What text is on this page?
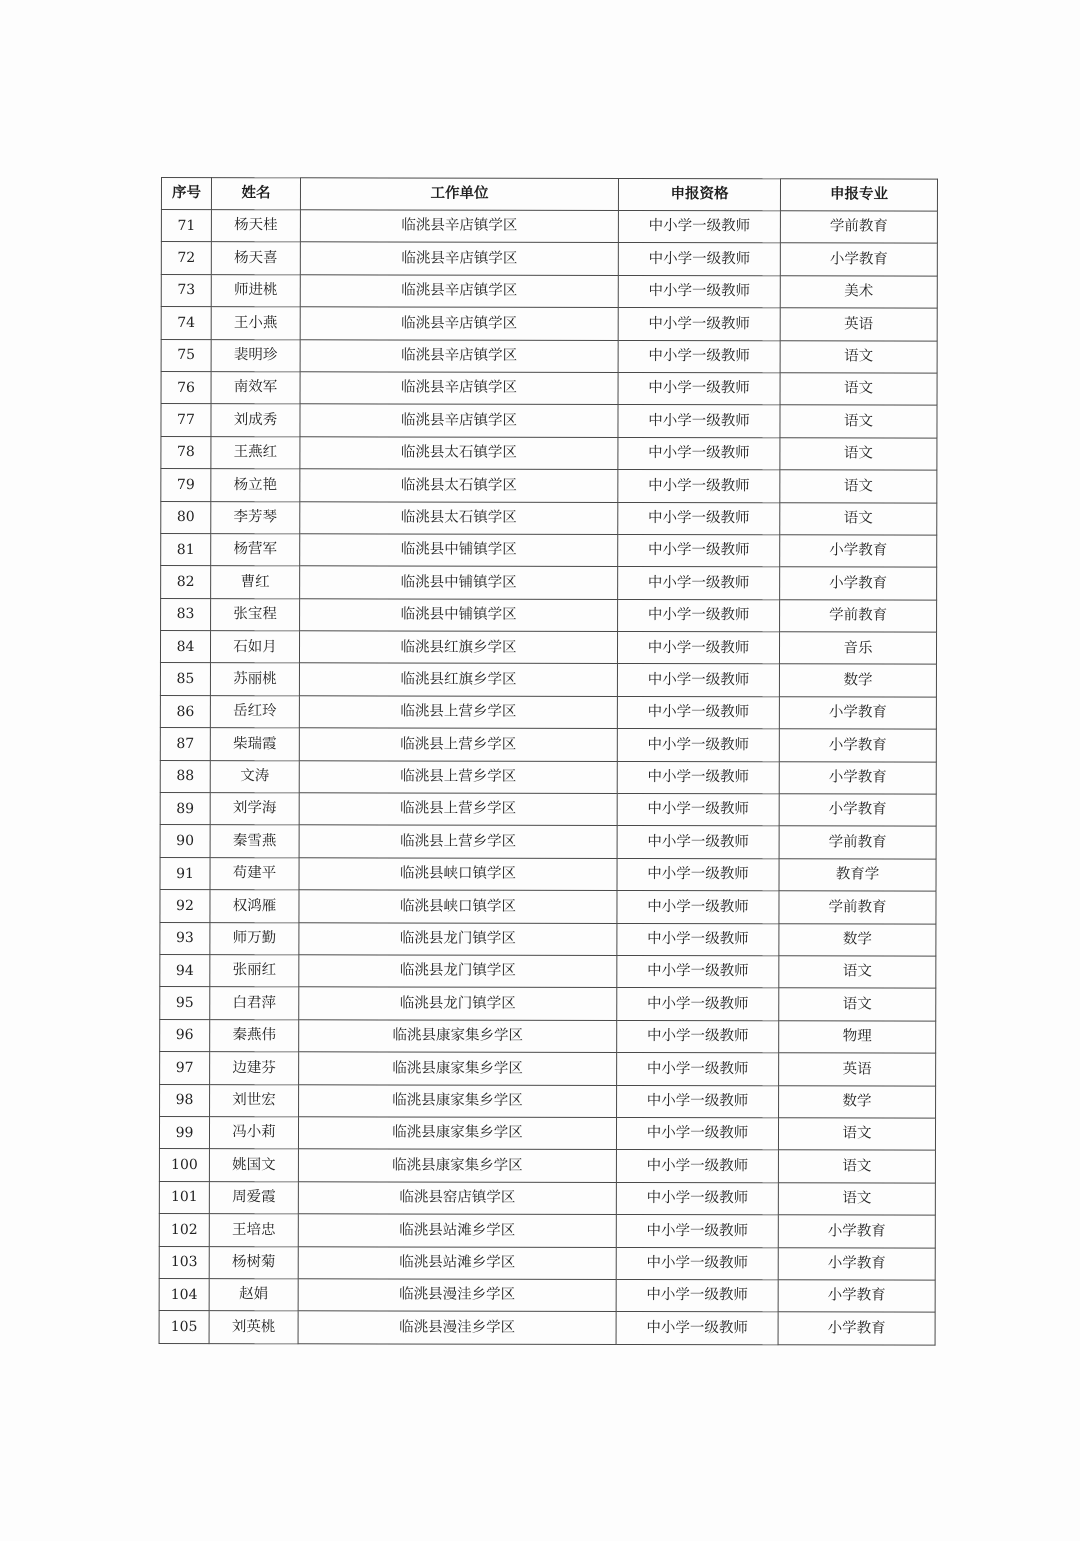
序号	姓名	工作单位	申报资格	申报专业
71	杨天桂	临洮县辛店镇学区	中小学一级教师	学前教育
72	杨天喜	临洮县辛店镇学区	中小学一级教师	小学教育
73	师进桃	临洮县辛店镇学区	中小学一级教师	美术
74	王小燕	临洮县辛店镇学区	中小学一级教师	英语
75	裴明珍	临洮县辛店镇学区	中小学一级教师	语文
76	南效军	临洮县辛店镇学区	中小学一级教师	语文
77	刘成秀	临洮县辛店镇学区	中小学一级教师	语文
78	王燕红	临洮县太石镇学区	中小学一级教师	语文
79	杨立艳	临洮县太石镇学区	中小学一级教师	语文
80	李芳琴	临洮县太石镇学区	中小学一级教师	语文
81	杨营军	临洮县中铺镇学区	中小学一级教师	小学教育
82	曹红	临洮县中铺镇学区	中小学一级教师	小学教育
83	张宝程	临洮县中铺镇学区	中小学一级教师	学前教育
84	石如月	临洮县红旗乡学区	中小学一级教师	音乐
85	苏丽桃	临洮县红旗乡学区	中小学一级教师	数学
86	岳红玲	临洮县上营乡学区	中小学一级教师	小学教育
87	柴瑞霞	临洮县上营乡学区	中小学一级教师	小学教育
88	文涛	临洮县上营乡学区	中小学一级教师	小学教育
89	刘学海	临洮县上营乡学区	中小学一级教师	小学教育
90	秦雪燕	临洮县上营乡学区	中小学一级教师	学前教育
91	苟建平	临洮县峡口镇学区	中小学一级教师	教育学
92	权鸿雁	临洮县峡口镇学区	中小学一级教师	学前教育
93	师万勤	临洮县龙门镇学区	中小学一级教师	数学
94	张丽红	临洮县龙门镇学区	中小学一级教师	语文
95	白君萍	临洮县龙门镇学区	中小学一级教师	语文
96	秦燕伟	临洮县康家集乡学区	中小学一级教师	物理
97	边建芬	临洮县康家集乡学区	中小学一级教师	英语
98	刘世宏	临洮县康家集乡学区	中小学一级教师	数学
99	冯小莉	临洮县康家集乡学区	中小学一级教师	语文
100	姚国文	临洮县康家集乡学区	中小学一级教师	语文
101	周爱霞	临洮县窑店镇学区	中小学一级教师	语文
102	王培忠	临洮县站滩乡学区	中小学一级教师	小学教育
103	杨树菊	临洮县站滩乡学区	中小学一级教师	小学教育
104	赵娟	临洮县漫洼乡学区	中小学一级教师	小学教育
105	刘英桃	临洮县漫洼乡学区	中小学一级教师	小学教育
